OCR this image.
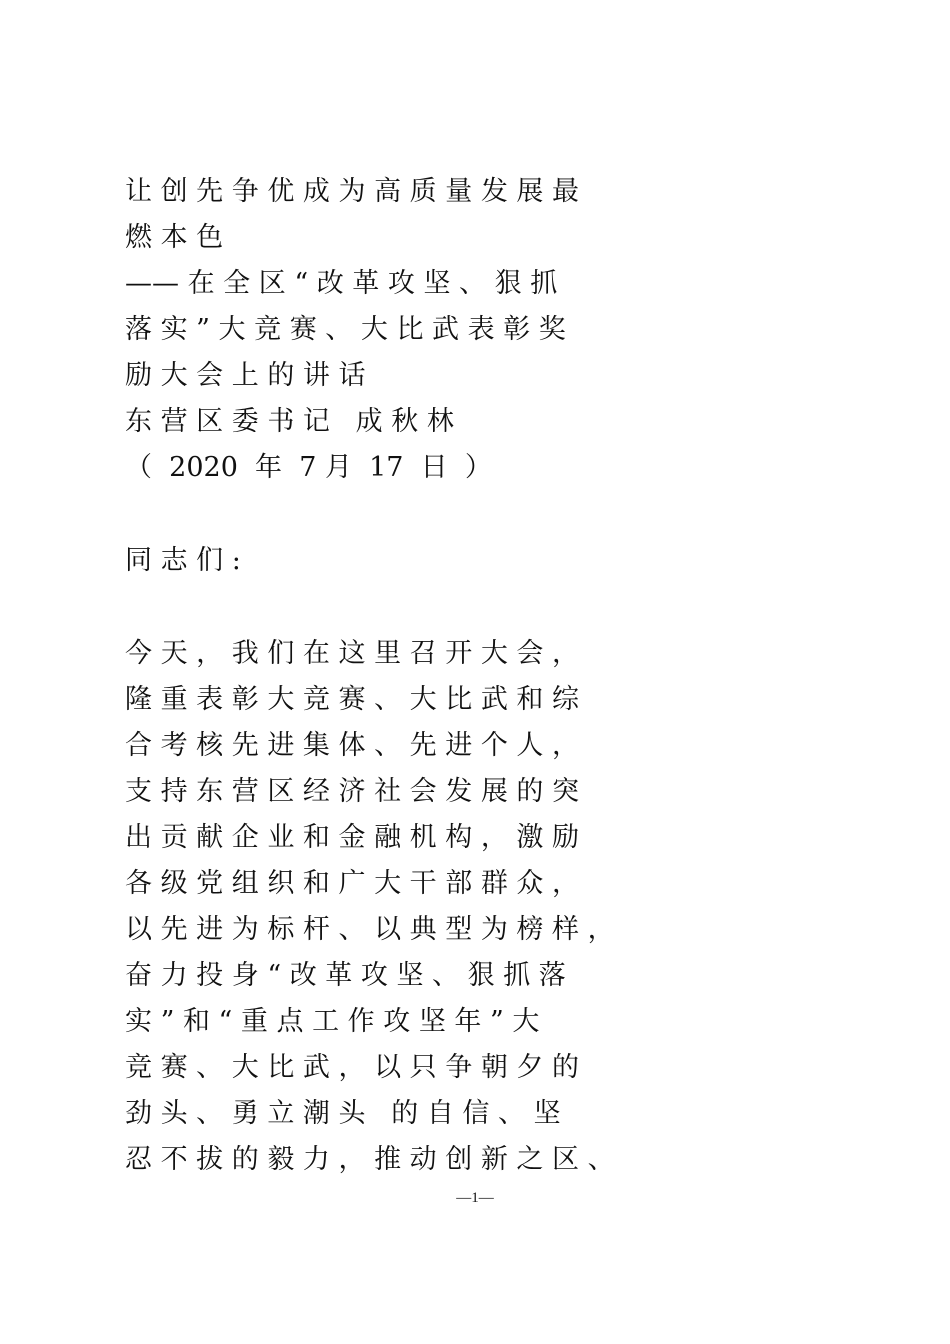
让 创 先 争 优 成 为 高 质 量 发 展 最
燃 本 色
—— 在 全 区 “ 改 革 攻 坚 、 狠 抓
落 实 ” 大 竞 赛 、 大 比 武 表 彰 奖
励 大 会 上 的 讲 话
东 营 区 委 书 记   成 秋 林
（  2020  年  7 月  17  日  ）
同 志 们 :
今 天 ， 我 们 在 这 里 召 开 大 会 ，
隆 重 表 彰 大 竞 赛 、 大 比 武 和 综
合 考 核 先 进 集 体 、 先 进 个 人 ，
支 持 东 营 区 经 济 社 会 发 展 的 突
出 贡 献 企 业 和 金 融 机 构 ， 激 励
各 级 党 组 织 和 广 大 干 部 群 众 ，
以 先 进 为 标 杆 、 以 典 型 为 榜 样 ，
奋 力 投 身 “ 改 革 攻 坚 、 狠 抓 落
实 ” 和 “ 重 点 工 作 攻 坚 年 ” 大
竞 赛 、 大 比 武 ， 以 只 争 朝 夕 的
劲 头 、 勇 立 潮 头   的 自 信 、 坚
忍 不 拔 的 毅 力 ， 推 动 创 新 之 区 、
—1—
